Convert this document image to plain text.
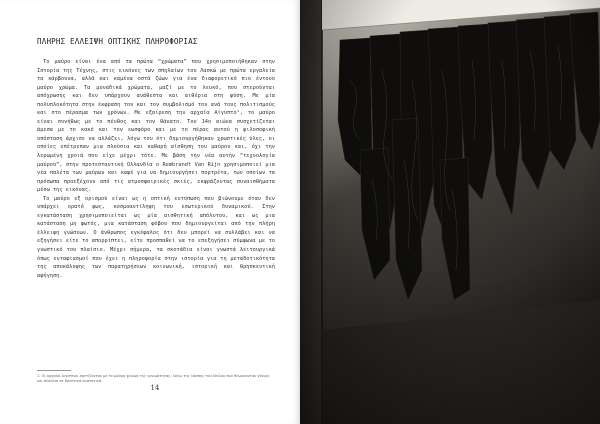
ΠΛΗΡΗΣ ΕΛΛΕΙΨΗ ΟΠΤΙΚΗΣ ΠΛΗΡΟΦΟΡΙΑΣ

Το μαύρο είναι ένα από τα πρώτα “χρώματα” που χρησιμοποιήθηκαν στην Ιστορία της Τέχνης, στις εικόνες των σπηλαίων του Λασκώ με πρώτα εργαλεία τα κάρβουνα, αλλά και καμένα οστά ζώων για ένα διαφορετικό πιο έντονο μαύρο χρώμα. Τα μοναδικά χρώματα, μαζί με το λευκό, που στερούνται απόχρωσης και δεν υπάρχουν ανάθεστα και αιθέρια στη φύση. Με μία πολυπλοκότητα στην έκφραση του και τον συμβολισμό του ανά τους πολιτισμούς και στο πέρασμα των χρόνων. Με εξαίρεση την αρχαία Αίγυπτο¹, το μαύρο είναι συνήθως με το πένθος και τον θάνατο. Τον 14ο αιώνα συσχετίζεται άμεσα με το κακό και τον εωσφόρο και με το πέρας αυτού η φιλοσοφική υπόσταση άρχισε να αλλάζει, λόγω του ότι δημιουργήθηκαν χρωστικές ύλες, οι οποίες επέτρεπαν μια πλούσια και καθαρή αίσθηση του μαύρου και, όχι την λερωμένη χροιά που είχε μέχρι τότε. Με βάση την νέα αυτήν “τεχνολογία μαύρου”, στην προτεσταντική Ολλανδία ο Rembrandt Van Rijn χρησιμοποιεί μια νέα παλέτα των μαύρων και καφέ για να δημιουργήσει πορτρέτα, των οποίων τα πρόσωπα προεξέχουν από τις ατμοσφαιρικές σκιές, εκφράζοντας συναισθήματα μέσω της εικόνας.

Το μαύρο εξ ορισμού είναι ως η οπτική εντύπωση που βιώνουμε όταν δεν υπάρχει ορατό φως, κοσμοαντίληψη του εσωτερικού δυναμικού. Στην εγκατάσταση χρησιμοποιείται ως μία αισθητική απόλυτου, και ως μια κατάσταση μη φωτός, μια κατάσταση φόβου που δημιουργείται από την πλήρη έλλειψη γνώσεων. Ο άνθρωπος εγκέφαλος ότι δεν μπορεί να συλλάβει και να εξηγήσει είτε το απορρίπτει, είτε προσπαθεί να το επεξηγήσει σύμφωνα με το γνωστικό του πλαίσιο. Μέχρι σήμερα, τα σκοτάδια είναι γνωστά λειτουργικά όπως ενταφιασμοί που έχει η πληροφορία στην ιστορία για τη μεταδοτικότητα της αποκάλυψης των παρατηρήσεων κοινωνική, ιστορική και θρησκευτική αφήγηση.

1. Οι αρχαίοι Αιγύπτιοι σχετίζονταν με το μαύρο χρώμα της γονιμότητας, λόγω της λάσπης του Νείλου που θεωρούνταν γόνιμη και πλούσια σε θρεπτικά συστατικά.
14
